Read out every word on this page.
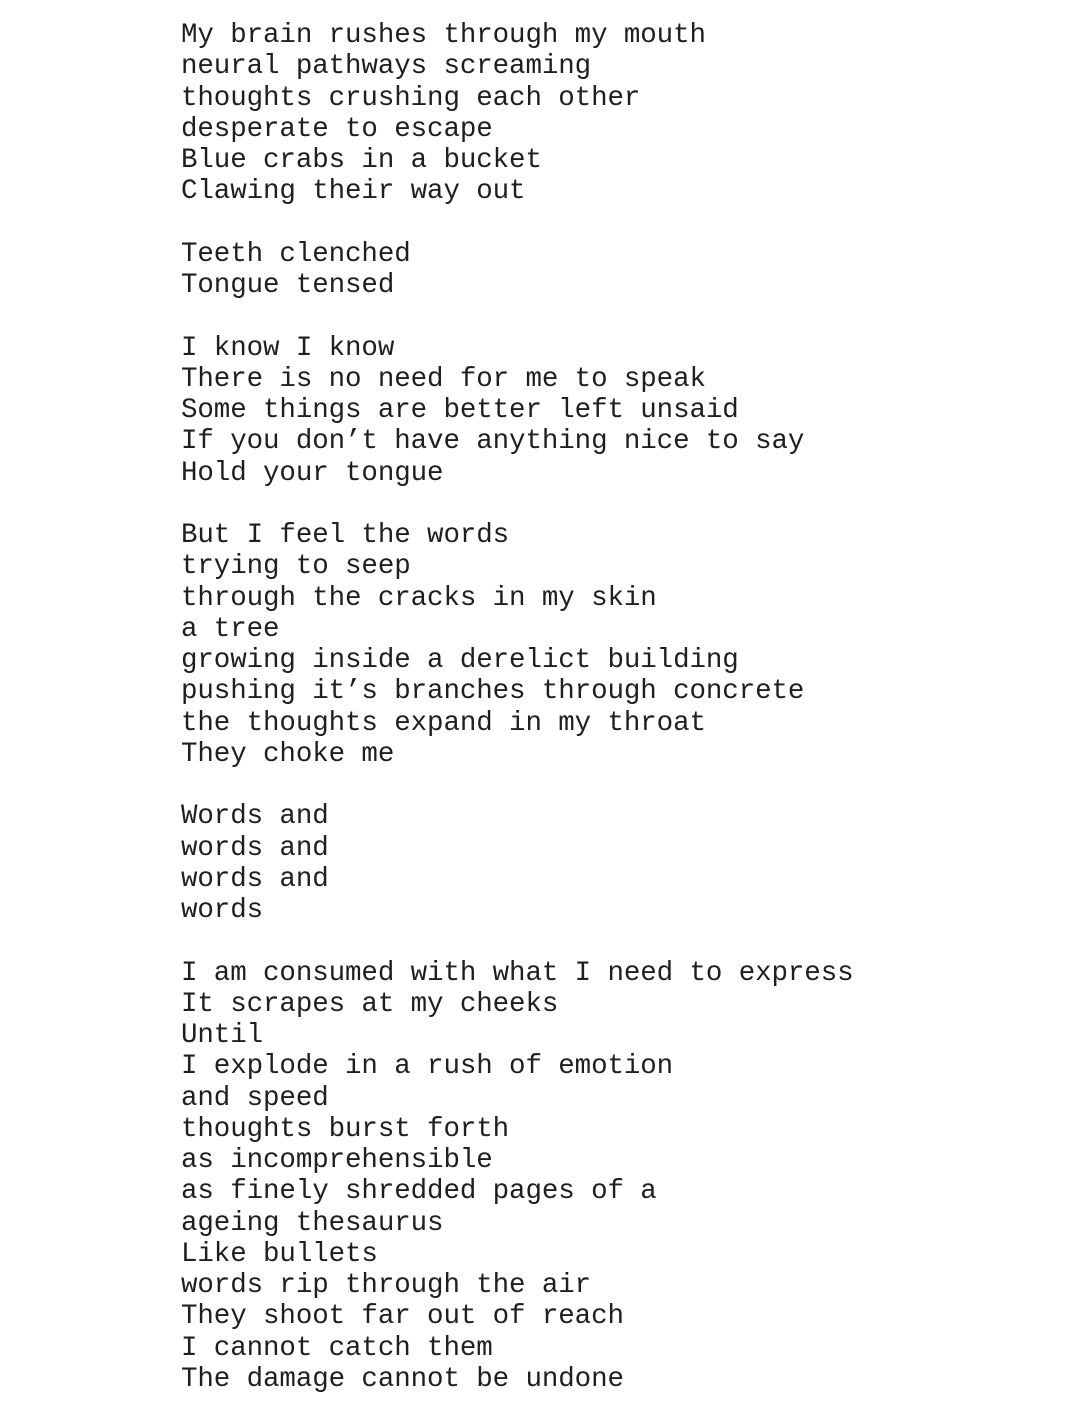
My brain rushes through my mouth
neural pathways screaming
thoughts crushing each other
desperate to escape
Blue crabs in a bucket
Clawing their way out
Teeth clenched
Tongue tensed
I know I know
There is no need for me to speak
Some things are better left unsaid
If you don’t have anything nice to say
Hold your tongue
But I feel the words
trying to seep
through the cracks in my skin
a tree
growing inside a derelict building
pushing it’s branches through concrete
the thoughts expand in my throat
They choke me
Words and
words and
words and
words
I am consumed with what I need to express
It scrapes at my cheeks
Until
I explode in a rush of emotion
and speed
thoughts burst forth
as incomprehensible
as finely shredded pages of a
ageing thesaurus
Like bullets
words rip through the air
They shoot far out of reach
I cannot catch them
The damage cannot be undone
